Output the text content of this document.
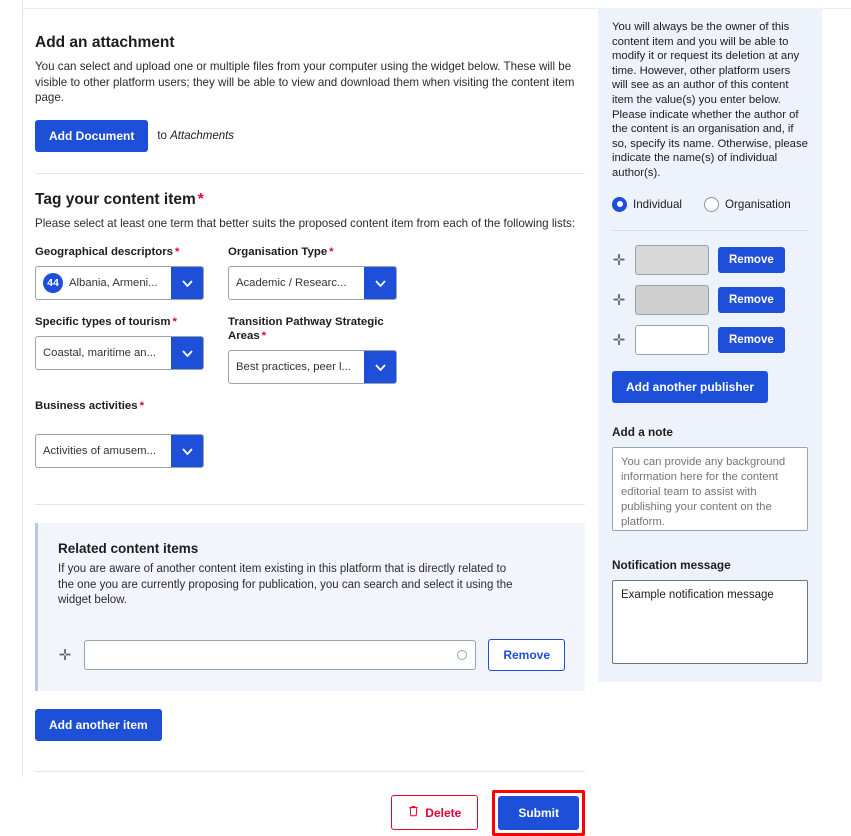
Add an attachment

You can select and upload one or multiple files from your computer using the widget below. These will be visible to other platform users; they will be able to view and download them when visiting the content item page.

Add Document	to Attachments
Tag your content item *

Please select at least one term that better suits the proposed content item from each of the following lists:

Geographical descriptors *
44 Albania, Armeni...
Organisation Type *
Academic / Researc...
Specific types of tourism *
Coastal, maritime an...
Transition Pathway Strategic Areas *
Best practices, peer l...
Business activities *
Activities of amusem...
Related content items

If you are aware of another content item existing in this platform that is directly related to the one you are currently proposing for publication, you can search and select it using the widget below.

✛	Remove
Add another item
Delete	Submit

You will always be the owner of this content item and you will be able to modify it or request its deletion at any time. However, other platform users will see as an author of this content item the value(s) you enter below. Please indicate whether the author of the content is an organisation and, if so, specify its name. Otherwise, please indicate the name(s) of individual author(s).

Individual	Organisation
✛	Remove
✛	Remove
✛	Remove
Add another publisher
Add a note
You can provide any background information here for the content editorial team to assist with publishing your content on the platform.
Notification message
Example notification message
